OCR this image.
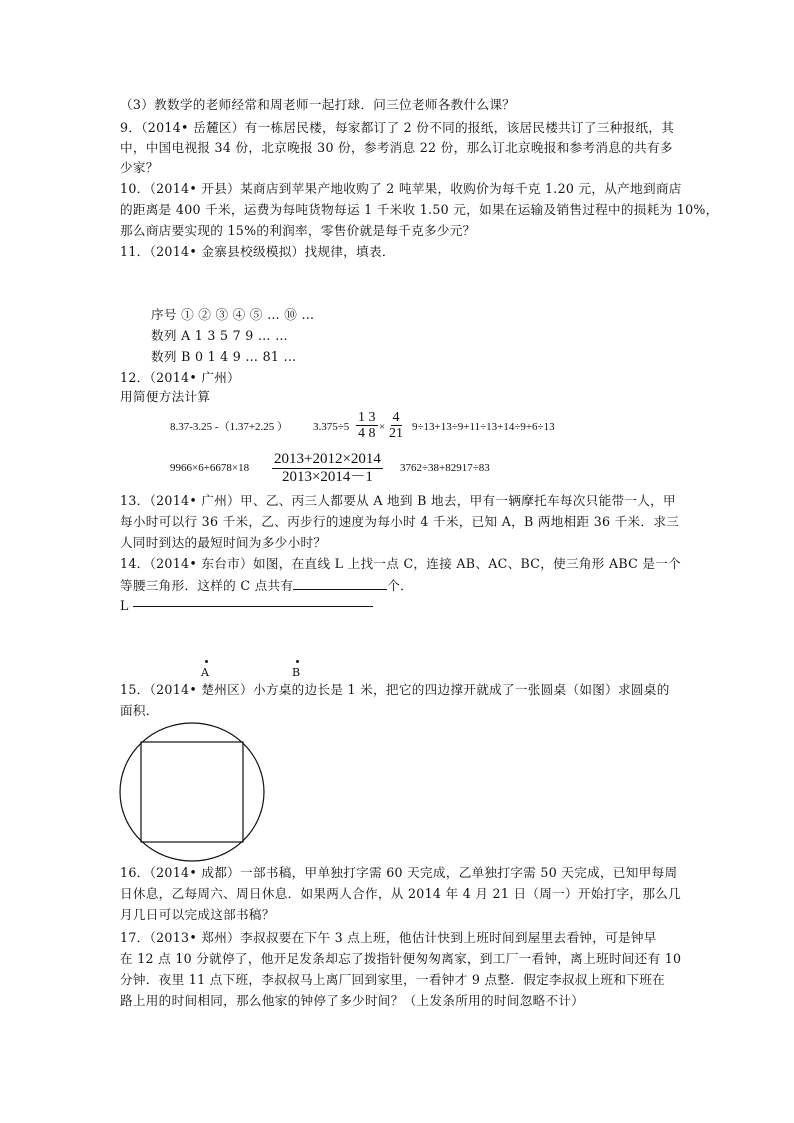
（3）教数学的老师经常和周老师一起打球．问三位老师各教什么课？
9．（2014• 岳麓区）有一栋居民楼，每家都订了 2 份不同的报纸，该居民楼共订了三种报纸，其
中，中国电视报 34 份，北京晚报 30 份，参考消息 22 份，那么订北京晚报和参考消息的共有多
少家？
10．（2014• 开县）某商店到苹果产地收购了 2 吨苹果，收购价为每千克 1.20 元，从产地到商店
的距离是 400 千米，运费为每吨货物每运 1 千米收 1.50 元，如果在运输及销售过程中的损耗为 10%，
那么商店要实现的 15%的利润率，零售价就是每千克多少元？
11．（2014• 金寨县校级模拟）找规律，填表．
序号 ① ② ③ ④ ⑤ … ⑩ …
数列 A 1 3 5 7 9 … …
数列 B 0 1 4 9 … 81 …
12．（2014• 广州）
用简便方法计算
8.37-3.25 -（1.37+2.25 ） $3.375\div 5 \frac{1 3}{4 8} \times \frac{4}{21} 9\div 13+13\div 9+11\div 13+14\div 9+6\div 13$
$9966\times 6+6678\times 18 \frac{2013+2012\times 2014}{2013\times 2014-1} 3762\div 38+82917\div 83$
13．（2014• 广州）甲、乙、丙三人都要从 A 地到 B 地去，甲有一辆摩托车每次只能带一人，甲
每小时可以行 36 千米，乙、丙步行的速度为每小时 4 千米，已知 A，B 两地相距 36 千米．求三
人同时到达的最短时间为多少小时？
14．（2014• 东台市）如图，在直线 L 上找一点 C，连接 AB、AC、BC，使三角形 ABC 是一个
等腰三角形．这样的 C 点共有	个．
L
A	B
15．（2014• 楚州区）小方桌的边长是 1 米，把它的四边撑开就成了一张圆桌（如图）求圆桌的
面积．
16．（2014• 成都）一部书稿，甲单独打字需 60 天完成，乙单独打字需 50 天完成，已知甲每周
日休息，乙每周六、周日休息．如果两人合作，从 2014 年 4 月 21 日（周一）开始打字，那么几
月几日可以完成这部书稿？
17．（2013• 郑州）李叔叔要在下午 3 点上班，他估计快到上班时间到屋里去看钟，可是钟早
在 12 点 10 分就停了，他开足发条却忘了拨指针便匆匆离家，到工厂一看钟，离上班时间还有 10
分钟．夜里 11 点下班，李叔叔马上离厂回到家里，一看钟才 9 点整．假定李叔叔上班和下班在
路上用的时间相同，那么他家的钟停了多少时间？（上发条所用的时间忽略不计）
